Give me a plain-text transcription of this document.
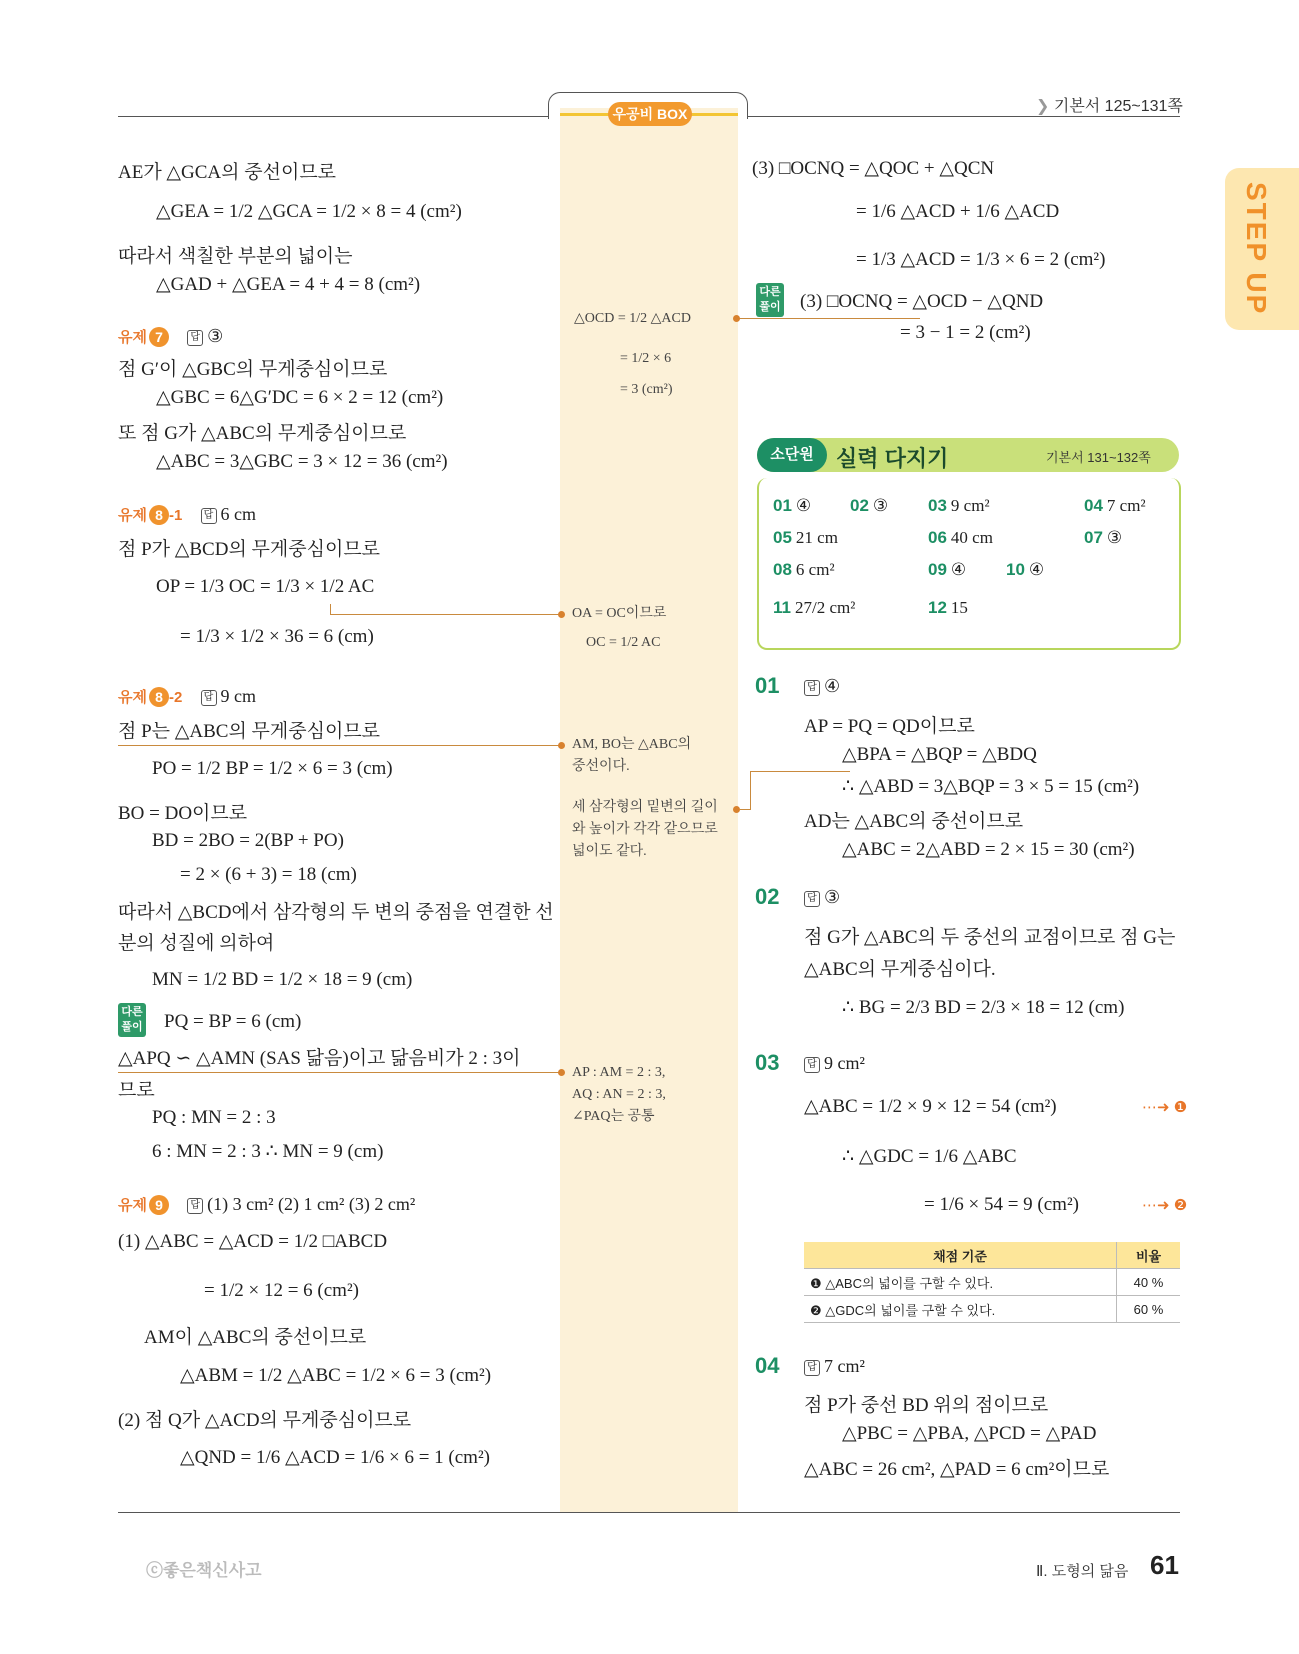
우공비 BOX	❯ 기본서 125~131쪽
STEP UP
AE가 △GCA의 중선이므로
△GEA = 1/2 △GCA = 1/2 × 8 = 4 (cm²)
따라서 색칠한 부분의 넓이는
△GAD + △GEA = 4 + 4 = 8 (cm²)
유제 7	답 ③
점 G′이 △GBC의 무게중심이므로
△GBC = 6△G′DC = 6 × 2 = 12 (cm²)
또 점 G가 △ABC의 무게중심이므로
△ABC = 3△GBC = 3 × 12 = 36 (cm²)
유제 8 -1 답 6 cm
점 P가 △BCD의 무게중심이므로
OP = 1/3 OC = 1/3 × 1/2 AC
= 1/3 × 1/2 × 36 = 6 (cm)
유제 8 -2 답 9 cm
점 P는 △ABC의 무게중심이므로
PO = 1/2 BP = 1/2 × 6 = 3 (cm)
BO = DO이므로
BD = 2BO = 2(BP + PO)
= 2 × (6 + 3) = 18 (cm)
따라서 △BCD에서 삼각형의 두 변의 중점을 연결한 선
분의 성질에 의하여
MN = 1/2 BD = 1/2 × 18 = 9 (cm)
다른 풀이 PQ = BP = 6 (cm)
△APQ ∽ △AMN (SAS 닮음)이고 닮음비가 2 : 3이
므로
PQ : MN = 2 : 3
6 : MN = 2 : 3 ∴ MN = 9 (cm)
유제 9	답 (1) 3 cm² (2) 1 cm² (3) 2 cm²
(1) △ABC = △ACD = 1/2 □ABCD
= 1/2 × 12 = 6 (cm²)
AM이 △ABC의 중선이므로
△ABM = 1/2 △ABC = 1/2 × 6 = 3 (cm²)
(2) 점 Q가 △ACD의 무게중심이므로
△QND = 1/6 △ACD = 1/6 × 6 = 1 (cm²)
△OCD = 1/2 △ACD
= 1/2 × 6
= 3 (cm²)
OA = OC이므로
OC = 1/2 AC
AM, BO는 △ABC의
중선이다.
세 삼각형의 밑변의 길이
와 높이가 각각 같으므로
넓이도 같다.
AP : AM = 2 : 3,
AQ : AN = 2 : 3,
∠PAQ는 공통
(3) □OCNQ = △QOC + △QCN
= 1/6 △ACD + 1/6 △ACD
= 1/3 △ACD = 1/3 × 6 = 2 (cm²)
다른 풀이 (3) □OCNQ = △OCD − △QND
= 3 − 1 = 2 (cm²)
소단원	실력 다지기	기본서 131~132쪽
01 ④ 02 ③ 03 9 cm²	04 7 cm²
05 21 cm	06 40 cm	07 ③
08 6 cm²	09 ④ 10 ④
11 27/2 cm²	12 15
01	답 ④
AP = PQ = QD이므로
△BPA = △BQP = △BDQ
∴ △ABD = 3△BQP = 3 × 5 = 15 (cm²)
AD는 △ABC의 중선이므로
△ABC = 2△ABD = 2 × 15 = 30 (cm²)
02	답 ③
점 G가 △ABC의 두 중선의 교점이므로 점 G는
△ABC의 무게중심이다.
∴ BG = 2/3 BD = 2/3 × 18 = 12 (cm)
03	답 9 cm²
△ABC = 1/2 × 9 × 12 = 54 (cm²)
∴ △GDC = 1/6 △ABC
= 1/6 × 54 = 9 (cm²)
⋯➜ ❶
⋯➜ ❷
채점 기준	비율
❶ △ABC의 넓이를 구할 수 있다.	40 %
❷ △GDC의 넓이를 구할 수 있다.	60 %
04	답 7 cm²
점 P가 중선 BD 위의 점이므로
△PBC = △PBA, △PCD = △PAD
△ABC = 26 cm², △PAD = 6 cm²이므로
ⓒ좋은책신사고	Ⅱ. 도형의 닮음 61
